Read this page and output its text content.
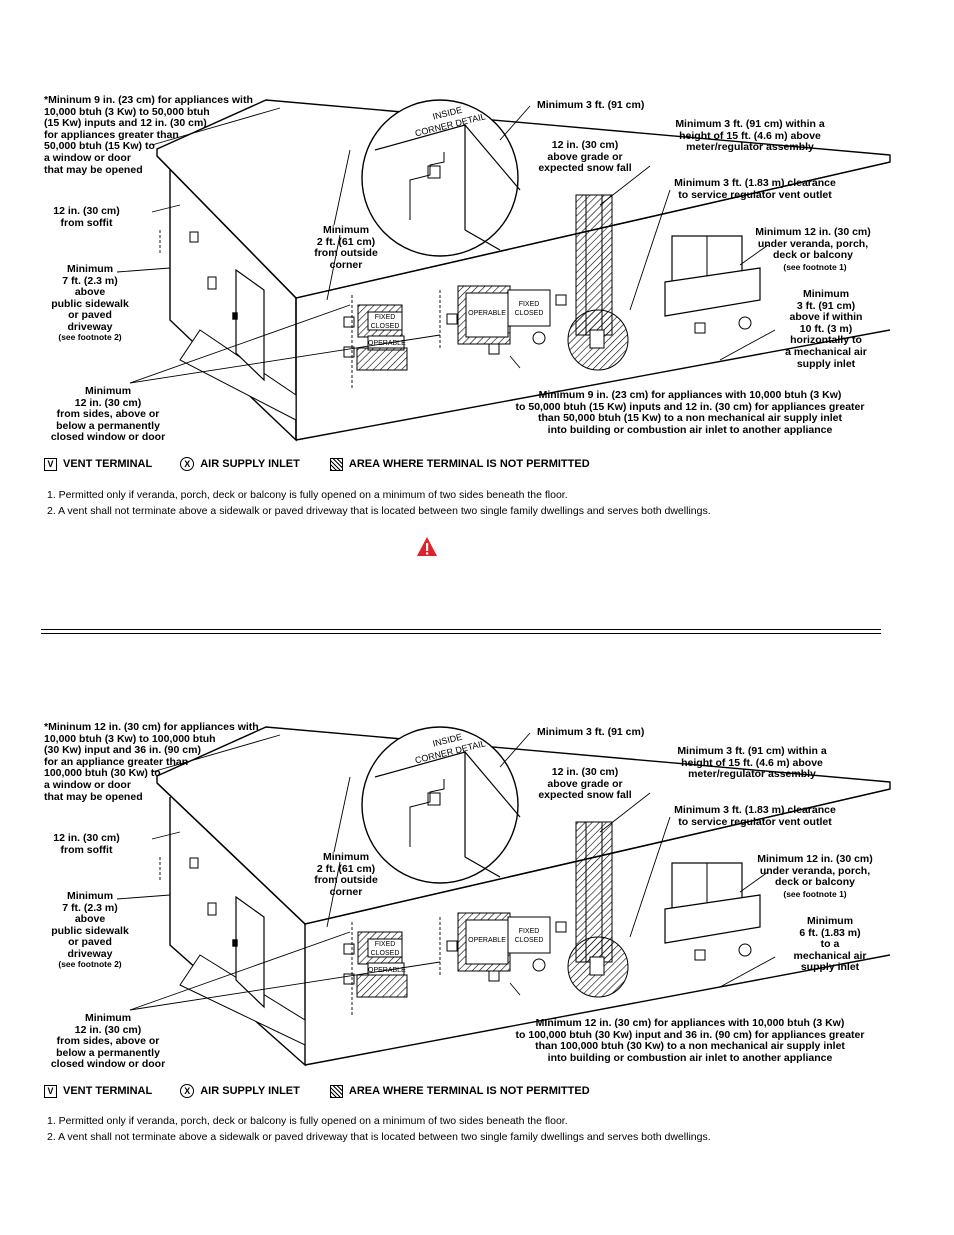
*Mininum 9 in. (23 cm) for appliances with
10,000 btuh (3 Kw) to 50,000 btuh
(15 Kw) inputs and 12 in. (30 cm)
for appliances greater than
50,000 btuh (15 Kw) to
a window or door
that may be opened
12 in. (30 cm)
from soffit
Minimum
7 ft. (2.3 m)
above
public sidewalk
or paved
driveway
(see footnote 2)
Minimum
12 in. (30 cm)
from sides, above or
below a permanently
closed window or door
Minimum
2 ft. (61 cm)
from outside
corner
INSIDE
CORNER DETAIL
Minimum 3 ft. (91 cm)
12 in. (30 cm)
above grade or
expected snow fall
Minimum 3 ft. (91 cm) within a
height of 15 ft. (4.6 m) above
meter/regulator assembly
Minimum 3 ft. (1.83 m) clearance
to service regulator vent outlet
Minimum 12 in. (30 cm)
under veranda, porch,
deck or balcony
(see footnote 1)
Minimum
3 ft. (91 cm)
above if within
10 ft. (3 m)
horizontally to
a mechanical air
supply inlet
Minimum 9 in. (23 cm) for appliances with 10,000 btuh (3 Kw)
to 50,000 btuh (15 Kw) inputs and 12 in. (30 cm) for appliances greater
than 50,000 btuh (15 Kw) to a non mechanical air supply inlet
into building or combustion air inlet to another appliance
FIXED
CLOSED
OPERABLE
OPERABLE
FIXED
CLOSED
V VENT TERMINAL	X AIR SUPPLY INLET	AREA WHERE TERMINAL IS NOT PERMITTED
1. Permitted only if veranda, porch, deck or balcony is fully opened on a minimum of two sides beneath the floor.
2. A vent shall not terminate above a sidewalk or paved driveway that is located between two single family dwellings and serves both dwellings.
*Mininum 12 in. (30 cm) for appliances with
10,000 btuh (3 Kw) to 100,000 btuh
(30 Kw) input and 36 in. (90 cm)
for an appliance greater than
100,000 btuh (30 Kw) to
a window or door
that may be opened
12 in. (30 cm)
from soffit
Minimum
7 ft. (2.3 m)
above
public sidewalk
or paved
driveway
(see footnote 2)
Minimum
12 in. (30 cm)
from sides, above or
below a permanently
closed window or door
Minimum
2 ft. (61 cm)
from outside
corner
INSIDE
CORNER DETAIL
Minimum 3 ft. (91 cm)
12 in. (30 cm)
above grade or
expected snow fall
Minimum 3 ft. (91 cm) within a
height of 15 ft. (4.6 m) above
meter/regulator assembly
Minimum 3 ft. (1.83 m) clearance
to service regulator vent outlet
Minimum 12 in. (30 cm)
under veranda, porch,
deck or balcony
(see footnote 1)
Minimum
6 ft. (1.83 m)
to a
mechanical air
supply inlet
MInimum 12 in. (30 cm) for appliances with 10,000 btuh (3 Kw)
to 100,000 btuh (30 Kw) input and 36 in. (90 cm) for appliances greater
than 100,000 btuh (30 Kw) to a non mechanical air supply inlet
into building or combustion air inlet to another appliance
FIXED
CLOSED
OPERABLE
OPERABLE
FIXED
CLOSED
V VENT TERMINAL	X AIR SUPPLY INLET	AREA WHERE TERMINAL IS NOT PERMITTED
1. Permitted only if veranda, porch, deck or balcony is fully opened on a minimum of two sides beneath the floor.
2. A vent shall not terminate above a sidewalk or paved driveway that is located between two single family dwellings and serves both dwellings.
